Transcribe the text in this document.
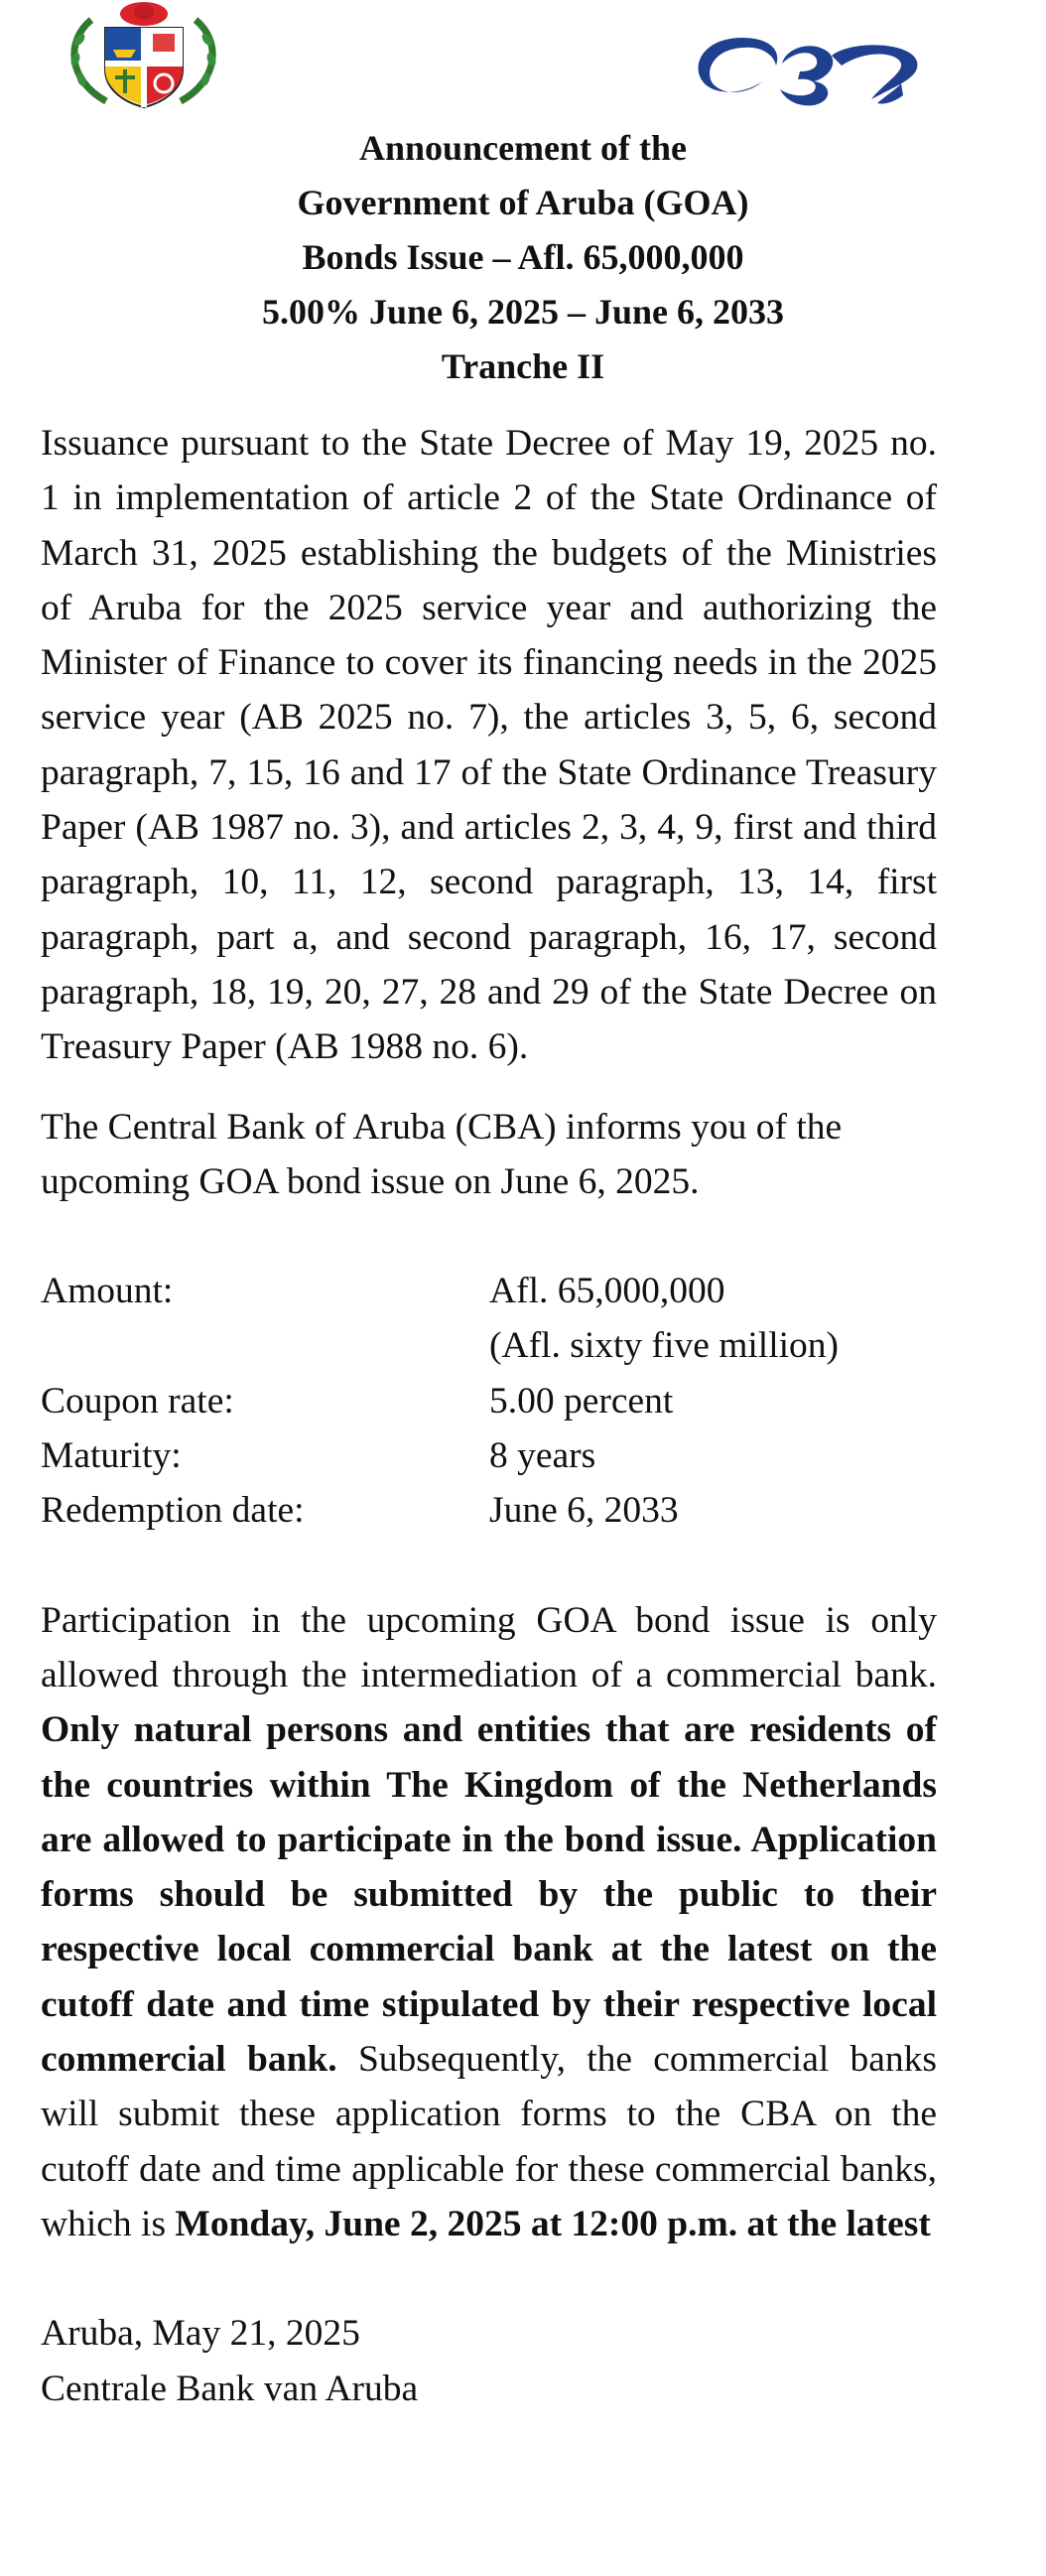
Announcement of the
Government of Aruba (GOA)
Bonds Issue – Afl. 65,000,000
5.00% June 6, 2025 – June 6, 2033
Tranche II

Issuance pursuant to the State Decree of May 19, 2025 no. 1 in implementation of article 2 of the State Ordinance of March 31, 2025 establishing the budgets of the Ministries of Aruba for the 2025 service year and authorizing the Minister of Finance to cover its financing needs in the 2025 service year (AB 2025 no. 7), the articles 3, 5, 6, second paragraph, 7, 15, 16 and 17 of the State Ordinance Treasury Paper (AB 1987 no. 3), and articles 2, 3, 4, 9, first and third paragraph, 10, 11, 12, second paragraph, 13, 14, first paragraph, part a, and second paragraph, 16, 17, second paragraph, 18, 19, 20, 27, 28 and 29 of the State Decree on Treasury Paper (AB 1988 no. 6).

The Central Bank of Aruba (CBA) informs you of the upcoming GOA bond issue on June 6, 2025.

Amount:	Afl. 65,000,000
(Afl. sixty five million)
Coupon rate:	5.00 percent
Maturity:	8 years
Redemption date:	June 6, 2033

Participation in the upcoming GOA bond issue is only allowed through the intermediation of a commercial bank. Only natural persons and entities that are residents of the countries within The Kingdom of the Netherlands are allowed to participate in the bond issue. Application forms should be submitted by the public to their respective local commercial bank at the latest on the cutoff date and time stipulated by their respective local commercial bank. Subsequently, the commercial banks will submit these application forms to the CBA on the cutoff date and time applicable for these commercial banks, which is Monday, June 2, 2025 at 12:00 p.m. at the latest

Aruba, May 21, 2025
Centrale Bank van Aruba
